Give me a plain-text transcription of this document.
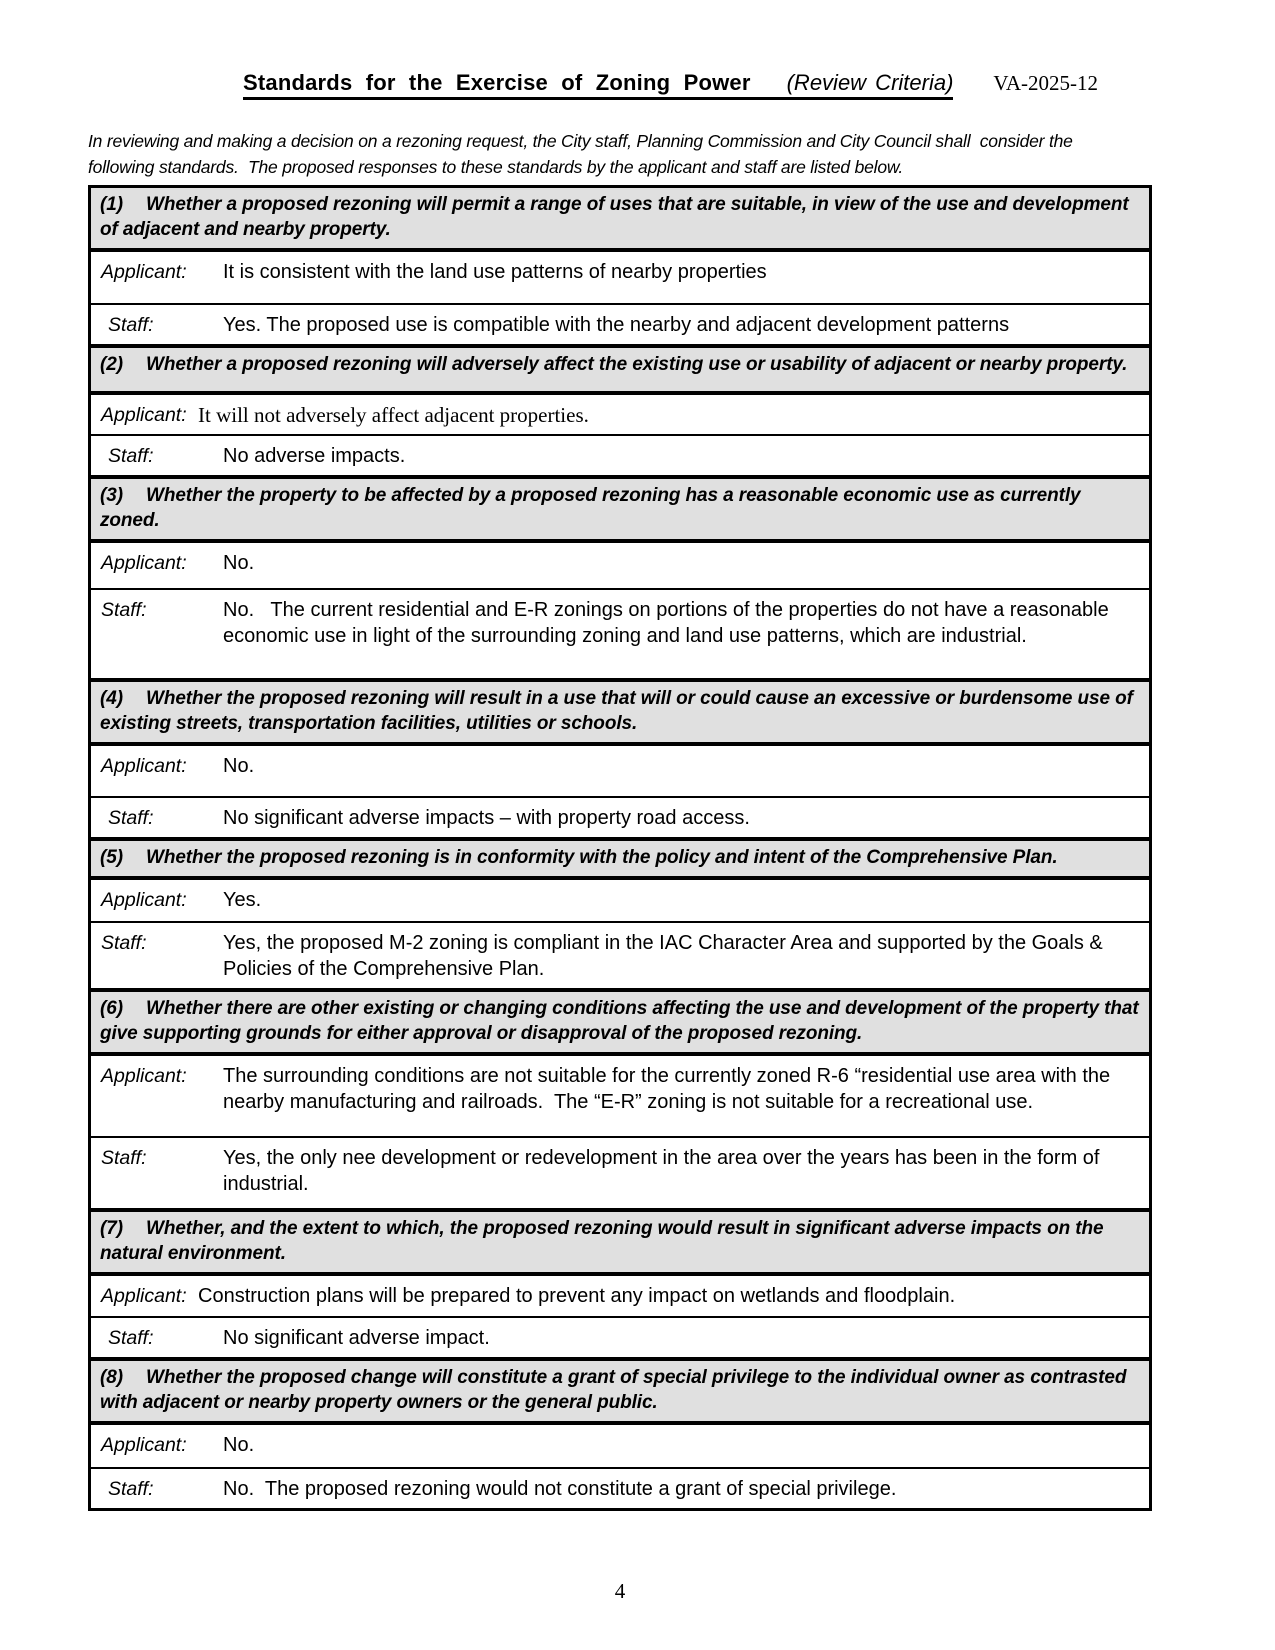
Standards for the Exercise of Zoning Power (Review Criteria) VA-2025-12

In reviewing and making a decision on a rezoning request, the City staff, Planning Commission and City Council shall  consider the following standards.  The proposed responses to these standards by the applicant and staff are listed below.

(1) Whether a proposed rezoning will permit a range of uses that are suitable, in view of the use and development of adjacent and nearby property.
Applicant:	It is consistent with the land use patterns of nearby properties
Staff:	Yes. The proposed use is compatible with the nearby and adjacent development patterns
(2) Whether a proposed rezoning will adversely affect the existing use or usability of adjacent or nearby property.
Applicant: It will not adversely affect adjacent properties.
Staff:	No adverse impacts.
(3) Whether the property to be affected by a proposed rezoning has a reasonable economic use as currently zoned.
Applicant:	No.
Staff:	No.   The current residential and E-R zonings on portions of the properties do not have a reasonable economic use in light of the surrounding zoning and land use patterns, which are industrial.
(4) Whether the proposed rezoning will result in a use that will or could cause an excessive or burdensome use of existing streets, transportation facilities, utilities or schools.
Applicant:	No.
Staff:	No significant adverse impacts – with property road access.
(5) Whether the proposed rezoning is in conformity with the policy and intent of the Comprehensive Plan.
Applicant:	Yes.
Staff:	Yes, the proposed M-2 zoning is compliant in the IAC Character Area and supported by the Goals & Policies of the Comprehensive Plan.
(6) Whether there are other existing or changing conditions affecting the use and development of the property that give supporting grounds for either approval or disapproval of the proposed rezoning.
Applicant:	The surrounding conditions are not suitable for the currently zoned R-6 “residential use area with the nearby manufacturing and railroads.  The “E-R” zoning is not suitable for a recreational use.
Staff:	Yes, the only nee development or redevelopment in the area over the years has been in the form of industrial.
(7) Whether, and the extent to which, the proposed rezoning would result in significant adverse impacts on the natural environment.
Applicant: Construction plans will be prepared to prevent any impact on wetlands and floodplain.
Staff:	No significant adverse impact.
(8) Whether the proposed change will constitute a grant of special privilege to the individual owner as contrasted with adjacent or nearby property owners or the general public.
Applicant:	No.
Staff:	No.  The proposed rezoning would not constitute a grant of special privilege.
4
